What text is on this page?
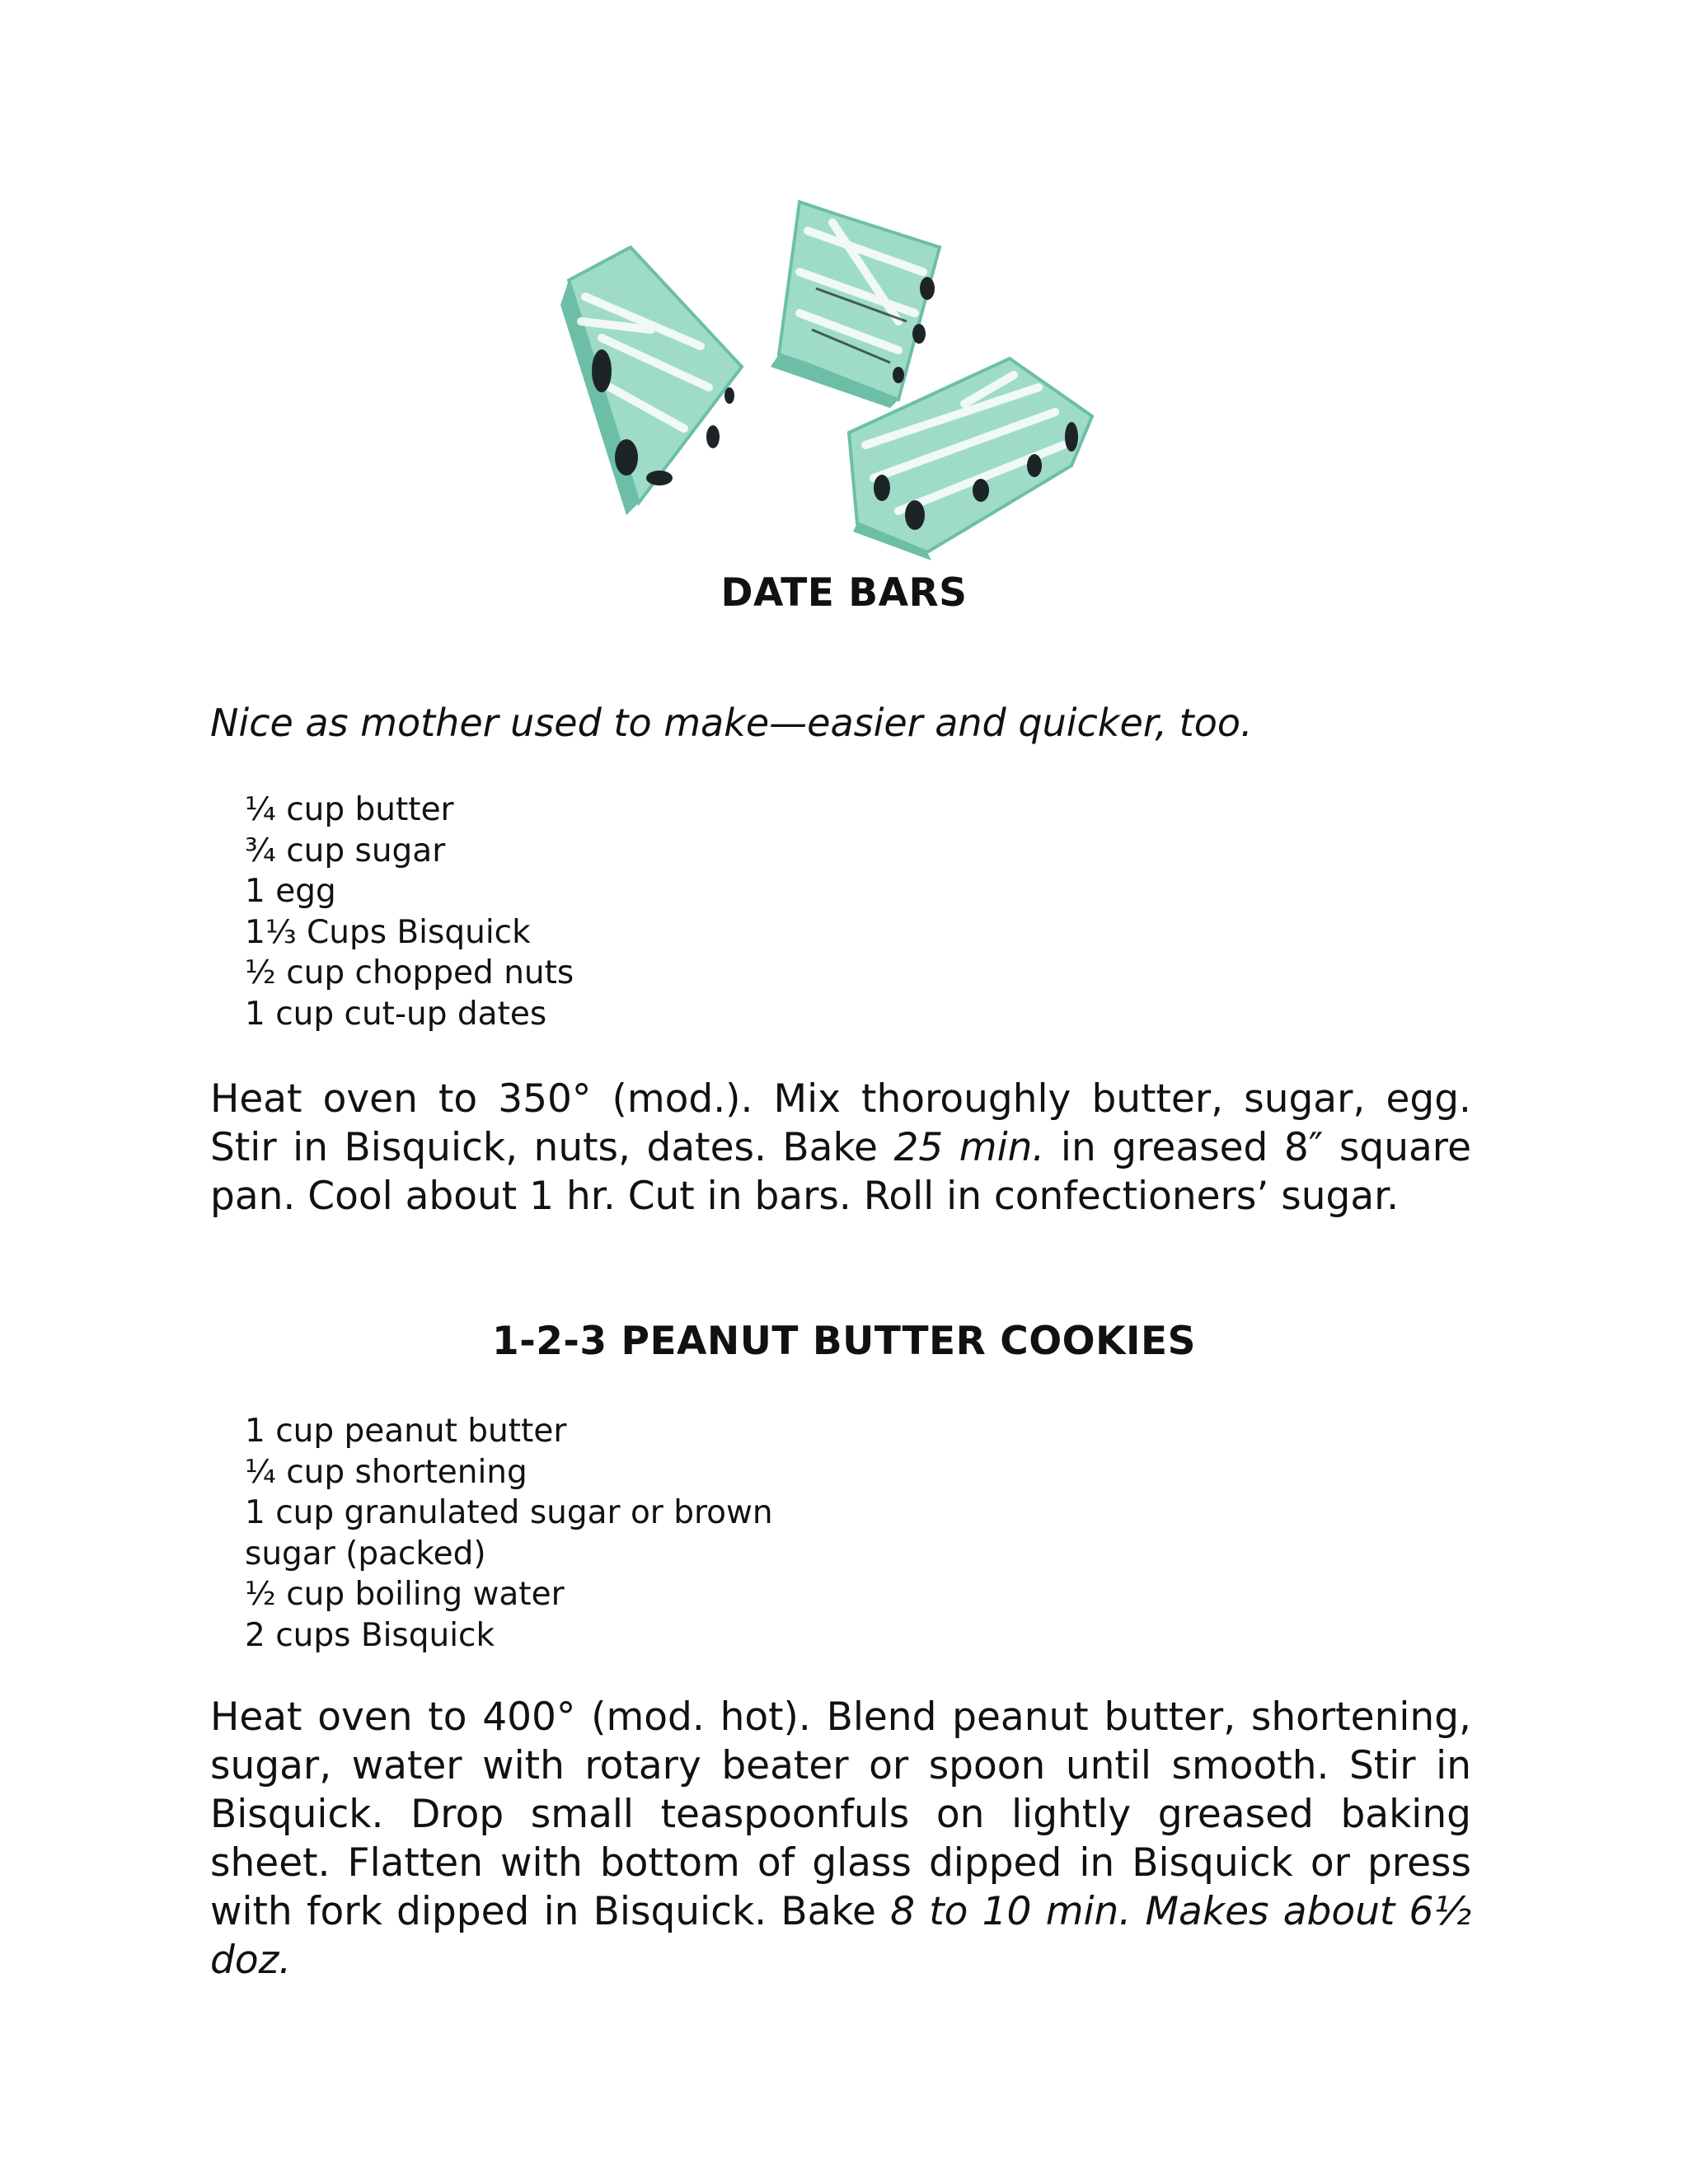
DATE BARS

Nice as mother used to make—easier and quicker, too.

¼ cup butter
¾ cup sugar
1 egg
1⅓ Cups Bisquick
½ cup chopped nuts
1 cup cut-up dates

Heat oven to 350° (mod.). Mix thoroughly butter, sugar, egg. Stir in Bisquick, nuts, dates. Bake 25 min. in greased 8″ square pan. Cool about 1 hr. Cut in bars. Roll in confectioners’ sugar.

1-2-3 PEANUT BUTTER COOKIES
1 cup peanut butter
¼ cup shortening
1 cup granulated sugar or brown
sugar (packed)
½ cup boiling water
2 cups Bisquick

Heat oven to 400° (mod. hot). Blend peanut butter, shortening, sugar, water with rotary beater or spoon until smooth. Stir in Bisquick. Drop small teaspoonfuls on lightly greased baking sheet. Flatten with bottom of glass dipped in Bisquick or press with fork dipped in Bisquick. Bake 8 to 10 min. Makes about 6½ doz.
